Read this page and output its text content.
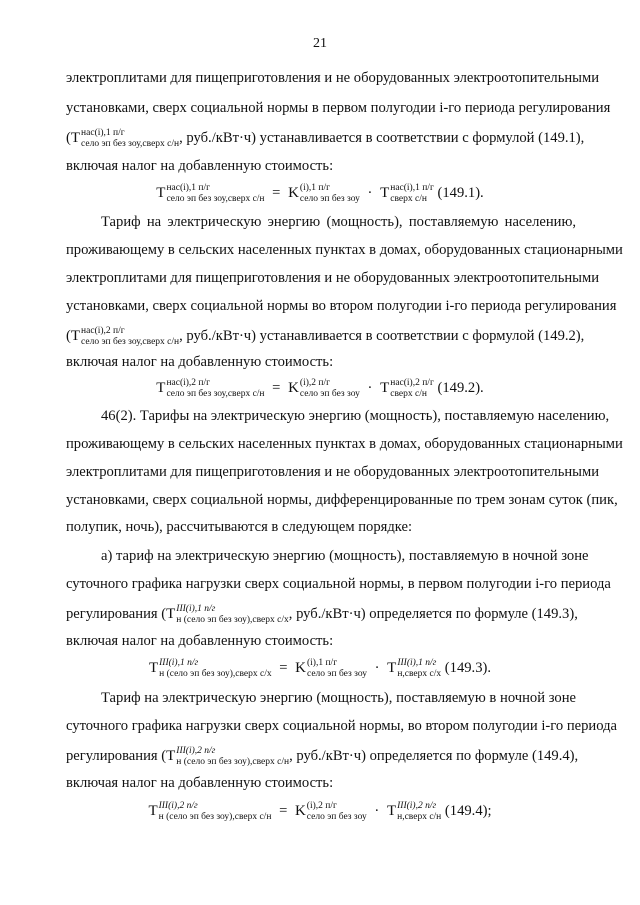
21
электроплитами для пищеприготовления и не оборудованных электроотопительными
установками, сверх социальной нормы в первом полугодии i-го периода регулирования
(T нас(i),1 п/г
село эп без зоу,сверх с/н , руб./кВт·ч) устанавливается в соответствии с формулой (149.1),
включая налог на добавленную стоимость:
T нас(i),1 п/г
село эп без зоу,сверх с/н = K (i),1 п/г
село эп без зоу · T нас(i),1 п/г
сверх с/н (149.1).
Тариф на электрическую энергию (мощность), поставляемую населению,
проживающему в сельских населенных пунктах в домах, оборудованных стационарными
электроплитами для пищеприготовления и не оборудованных электроотопительными
установками, сверх социальной нормы во втором полугодии i-го периода регулирования
(T нас(i),2 п/г
село эп без зоу,сверх с/н , руб./кВт·ч) устанавливается в соответствии с формулой (149.2),
включая налог на добавленную стоимость:
T нас(i),2 п/г
село эп без зоу,сверх с/н = K (i),2 п/г
село эп без зоу · T нас(i),2 п/г
сверх с/н (149.2).
46(2). Тарифы на электрическую энергию (мощность), поставляемую населению,
проживающему в сельских населенных пунктах в домах, оборудованных стационарными
электроплитами для пищеприготовления и не оборудованных электроотопительными
установками, сверх социальной нормы, дифференцированные по трем зонам суток (пик,
полупик, ночь), рассчитываются в следующем порядке:
а) тариф на электрическую энергию (мощность), поставляемую в ночной зоне
суточного графика нагрузки сверх социальной нормы, в первом полугодии i-го периода
регулирования (T III(i),1 п/г
н (село эп без зоу),сверх с/х , руб./кВт·ч) определяется по формуле (149.3),
включая налог на добавленную стоимость:
T III(i),1 п/г
н (село эп без зоу),сверх с/х = K (i),1 п/г
село эп без зоу · T III(i),1 п/г
н,сверх с/х (149.3).
Тариф на электрическую энергию (мощность), поставляемую в ночной зоне
суточного графика нагрузки сверх социальной нормы, во втором полугодии i-го периода
регулирования (T III(i),2 п/г
н (село эп без зоу),сверх с/н , руб./кВт·ч) определяется по формуле (149.4),
включая налог на добавленную стоимость:
T III(i),2 п/г
н (село эп без зоу),сверх с/н = K (i),2 п/г
село эп без зоу · T III(i),2 п/г
н,сверх с/н (149.4);
